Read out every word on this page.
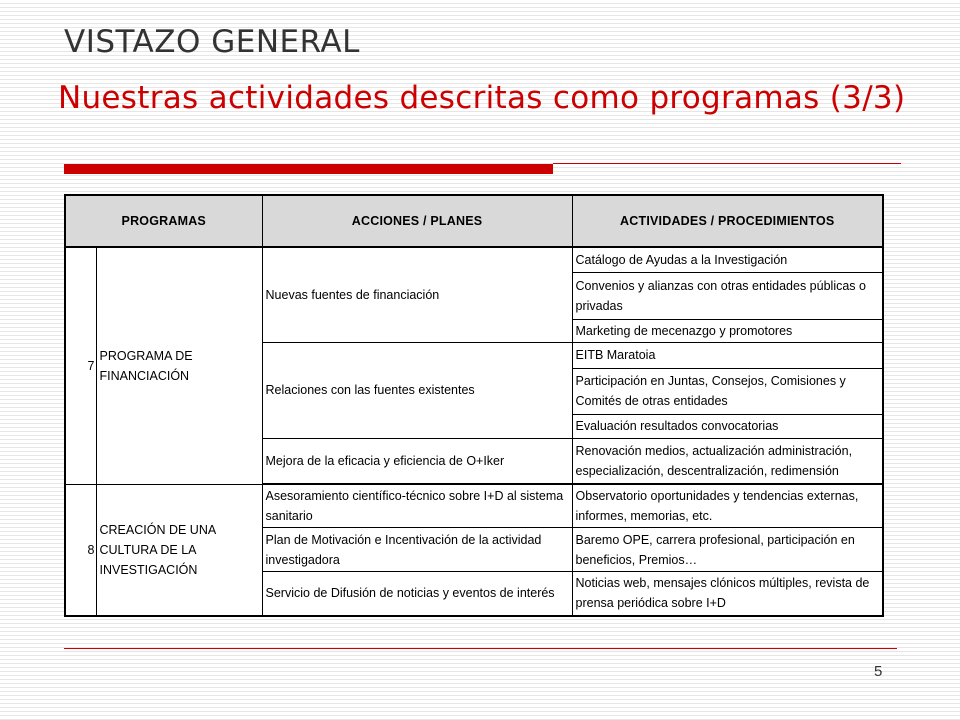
VISTAZO GENERAL
Nuestras actividades descritas como programas (3/3)
PROGRAMAS		ACCIONES / PLANES	ACTIVIDADES / PROCEDIMIENTOS
7	PROGRAMA DE FINANCIACIÓN	Nuevas fuentes de financiación	Catálogo de Ayudas a la Investigación
			Convenios y alianzas con otras entidades públicas o privadas
			Marketing de mecenazgo y promotores
		Relaciones con las fuentes existentes	EITB Maratoia
			Participación en Juntas, Consejos, Comisiones y Comités de otras entidades
			Evaluación resultados convocatorias
		Mejora de la eficacia y eficiencia de O+Iker	Renovación medios, actualización administración, especialización, descentralización, redimensión
8	CREACIÓN DE UNA CULTURA DE LA INVESTIGACIÓN	Asesoramiento científico-técnico sobre I+D al sistema sanitario	Observatorio oportunidades y tendencias externas, informes, memorias, etc.
		Plan de Motivación e Incentivación de la actividad investigadora	Baremo OPE, carrera profesional, participación en beneficios, Premios…
		Servicio de Difusión de noticias y eventos de interés	Noticias web, mensajes clónicos múltiples, revista de prensa periódica sobre I+D
5
